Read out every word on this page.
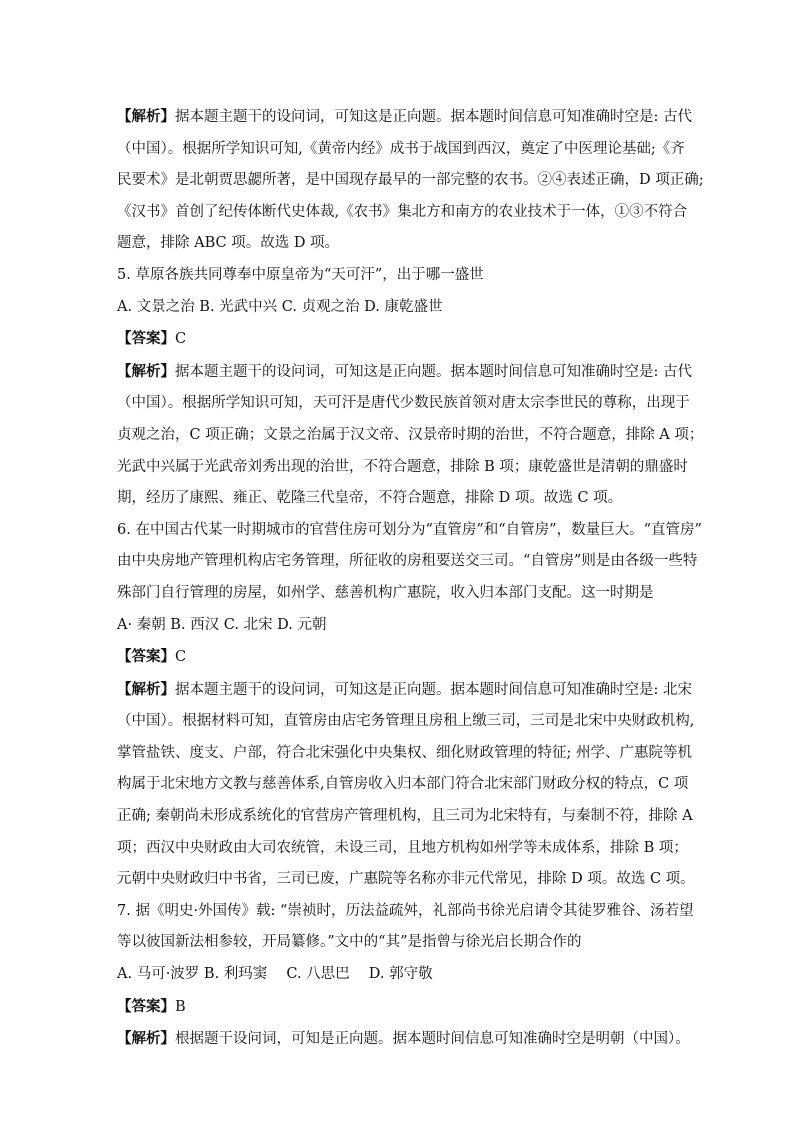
【解析】据本题主题干的设问词，可知这是正向题。据本题时间信息可知准确时空是: 古代
（中国）。根据所学知识可知,《黄帝内经》成书于战国到西汉，奠定了中医理论基础;《齐
民要术》是北朝贾思勰所著，是中国现存最早的一部完整的农书。②④表述正确，D 项正确;
《汉书》首创了纪传体断代史体裁,《农书》集北方和南方的农业技术于一体，①③不符合
题意，排除 ABC 项。故选 D 项。
5. 草原各族共同尊奉中原皇帝为“天可汗”，出于哪一盛世
A. 文景之治 B. 光武中兴 C. 贞观之治 D. 康乾盛世
【答案】C
【解析】据本题主题干的设问词，可知这是正向题。据本题时间信息可知准确时空是: 古代
（中国）。根据所学知识可知，天可汗是唐代少数民族首领对唐太宗李世民的尊称，出现于
贞观之治，C 项正确；文景之治属于汉文帝、汉景帝时期的治世，不符合题意，排除 A 项；
光武中兴属于光武帝刘秀出现的治世，不符合题意，排除 B 项；康乾盛世是清朝的鼎盛时
期，经历了康熙、雍正、乾隆三代皇帝，不符合题意，排除 D 项。故选 C 项。
6. 在中国古代某一时期城市的官营住房可划分为“直管房”和“自管房”，数量巨大。“直管房”
由中央房地产管理机构店宅务管理，所征收的房租要送交三司。“自管房”则是由各级一些特
殊部门自行管理的房屋，如州学、慈善机构广惠院，收入归本部门支配。这一时期是
A· 秦朝 B. 西汉 C. 北宋 D. 元朝
【答案】C
【解析】据本题主题干的设问词，可知这是正向题。据本题时间信息可知准确时空是: 北宋
（中国）。根据材料可知，直管房由店宅务管理且房租上缴三司，三司是北宋中央财政机构,
掌管盐铁、度支、户部，符合北宋强化中央集权、细化财政管理的特征; 州学、广惠院等机
构属于北宋地方文教与慈善体系,自管房收入归本部门符合北宋部门财政分权的特点，C 项
正确; 秦朝尚未形成系统化的官营房产管理机构，且三司为北宋特有，与秦制不符，排除 A
项；西汉中央财政由大司农统管，未设三司，且地方机构如州学等未成体系，排除 B 项；
元朝中央财政归中书省，三司已废，广惠院等名称亦非元代常见，排除 D 项。故选 C 项。
7. 据《明史·外国传》载: “崇祯时，历法益疏舛，礼部尚书徐光启请令其徒罗雅谷、汤若望
等以彼国新法相参较，开局纂修。”文中的“其”是指曾与徐光启长期合作的
A. 马可·波罗 B. 利玛窦 　C. 八思巴 　D. 郭守敬
【答案】B
【解析】根据题干设问词，可知是正向题。据本题时间信息可知准确时空是明朝（中国）。
